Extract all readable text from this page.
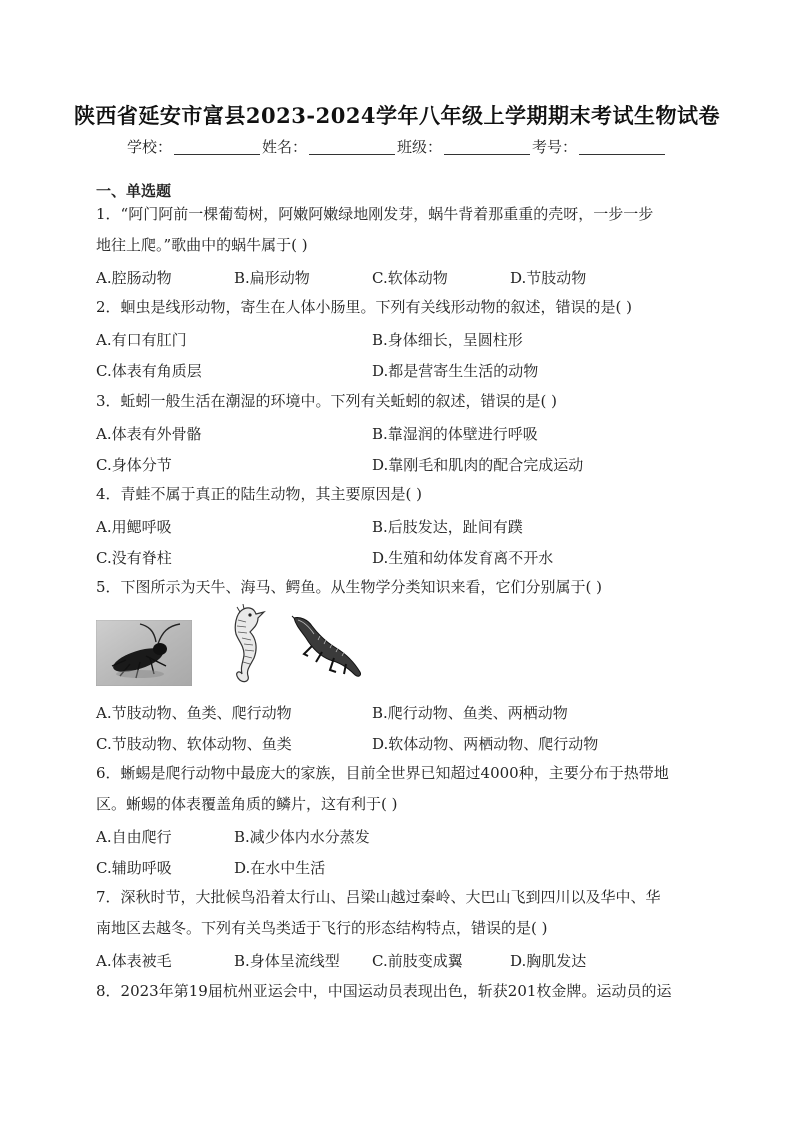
陕西省延安市富县2023-2024学年八年级上学期期末考试生物试卷
学校：	姓名：	班级：	考号：
一、单选题
1．“阿门阿前一棵葡萄树，阿嫩阿嫩绿地刚发芽，蜗牛背着那重重的壳呀，一步一步
地往上爬。”歌曲中的蜗牛属于( )
A.腔肠动物	B.扁形动物	C.软体动物	D.节肢动物
2．蛔虫是线形动物，寄生在人体小肠里。下列有关线形动物的叙述，错误的是( )
A.有口有肛门	B.身体细长，呈圆柱形
C.体表有角质层	D.都是营寄生生活的动物
3．蚯蚓一般生活在潮湿的环境中。下列有关蚯蚓的叙述，错误的是( )
A.体表有外骨骼	B.靠湿润的体壁进行呼吸
C.身体分节	D.靠刚毛和肌肉的配合完成运动
4．青蛙不属于真正的陆生动物，其主要原因是( )
A.用鳃呼吸	B.后肢发达，趾间有蹼
C.没有脊柱	D.生殖和幼体发育离不开水
5．下图所示为天牛、海马、鳄鱼。从生物学分类知识来看，它们分别属于( )
A.节肢动物、鱼类、爬行动物	B.爬行动物、鱼类、两栖动物
C.节肢动物、软体动物、鱼类	D.软体动物、两栖动物、爬行动物
6．蜥蜴是爬行动物中最庞大的家族，目前全世界已知超过4000种，主要分布于热带地
区。蜥蜴的体表覆盖角质的鳞片，这有利于( )
A.自由爬行	B.减少体内水分蒸发
C.辅助呼吸	D.在水中生活
7．深秋时节，大批候鸟沿着太行山、吕梁山越过秦岭、大巴山飞到四川以及华中、华
南地区去越冬。下列有关鸟类适于飞行的形态结构特点，错误的是( )
A.体表被毛	B.身体呈流线型 C.前肢变成翼	D.胸肌发达
8．2023年第19届杭州亚运会中，中国运动员表现出色，斩获201枚金牌。运动员的运
